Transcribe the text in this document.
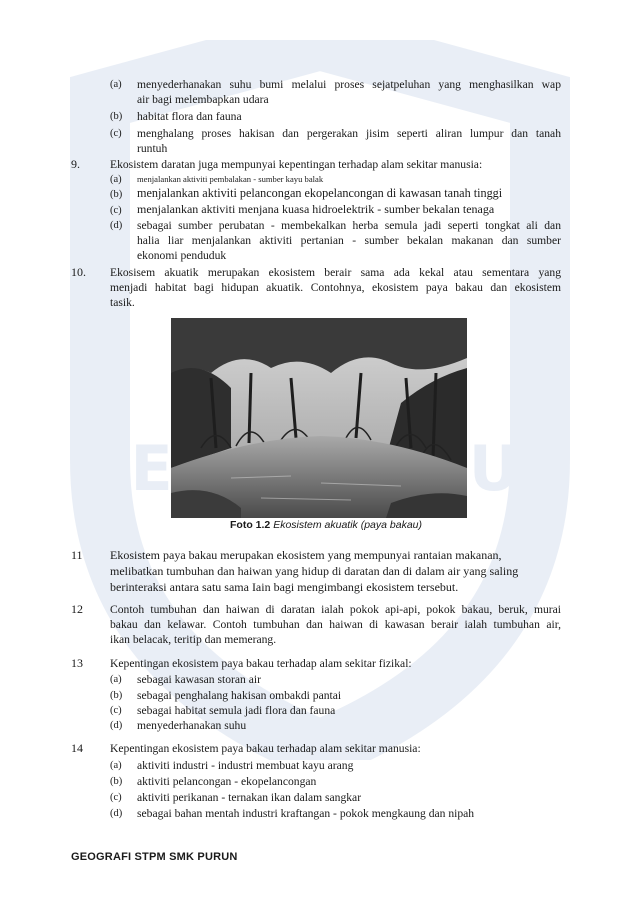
(a) menyederhanakan suhu bumi melalui proses sejatpeluhan yang menghasilkan wap
air bagi melembapkan udara
(b) habitat flora dan fauna
(c) menghalang proses hakisan dan pergerakan jisim seperti aliran lumpur dan tanah
runtuh
9.	Ekosistem daratan juga mempunyai kepentingan terhadap alam sekitar manusia:
(a) menjalankan aktiviti pembalakan - sumber kayu balak
(b) menjalankan aktiviti pelancongan ekopelancongan di kawasan tanah tinggi
(c) menjalankan aktiviti menjana kuasa hidroelektrik - sumber bekalan tenaga
(d) sebagai sumber perubatan - membekalkan herba semula jadi seperti tongkat ali dan
halia liar menjalankan aktiviti pertanian - sumber bekalan makanan dan sumber
ekonomi penduduk
10. Ekosisem akuatik merupakan ekosistem berair sama ada kekal atau sementara yang
menjadi habitat bagi hidupan akuatik. Contohnya, ekosistem paya bakau dan ekosistem
tasik.
Foto 1.2 Ekosistem akuatik (paya bakau)
11 Ekosistem paya bakau merupakan ekosistem yang mempunyai rantaian makanan,
melibatkan tumbuhan dan haiwan yang hidup di daratan dan di dalam air yang saling
berinteraksi antara satu sama Iain bagi mengimbangi ekosistem tersebut.
12 Contoh tumbuhan dan haiwan di daratan ialah pokok api-api, pokok bakau, beruk, murai
bakau dan kelawar. Contoh tumbuhan dan haiwan di kawasan berair ialah tumbuhan air,
ikan belacak, teritip dan memerang.
13 Kepentingan ekosistem paya bakau terhadap alam sekitar fizikal:
(a) sebagai kawasan storan air
(b) sebagai penghalang hakisan ombakdi pantai
(c) sebagai habitat semula jadi flora dan fauna
(d) menyederhanakan suhu
14 Kepentingan ekosistem paya bakau terhadap alam sekitar manusia:
(a) aktiviti industri - industri membuat kayu arang
(b) aktiviti pelancongan - ekopelancongan
(c) aktiviti perikanan - ternakan ikan dalam sangkar
(d) sebagai bahan mentah industri kraftangan - pokok mengkaung dan nipah
GEOGRAFI STPM SMK PURUN
